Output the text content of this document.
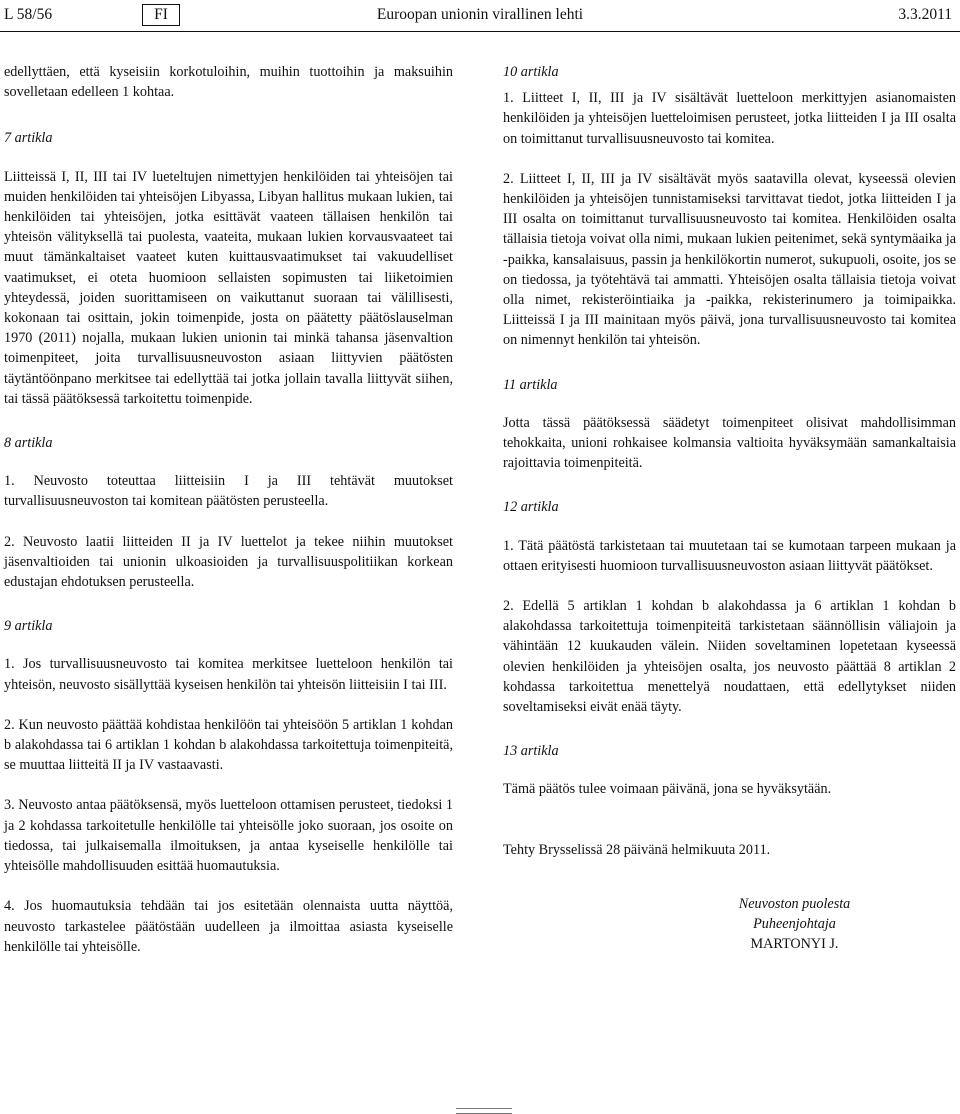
L 58/56	FI	Euroopan unionin virallinen lehti	3.3.2011

edellyttäen, että kyseisiin korkotuloihin, muihin tuottoihin ja maksuihin sovelletaan edelleen 1 kohtaa.

7 artikla

Liitteissä I, II, III tai IV lueteltujen nimettyjen henkilöiden tai yhteisöjen tai muiden henkilöiden tai yhteisöjen Libyassa, Libyan hallitus mukaan lukien, tai henkilöiden tai yhteisöjen, jotka esittävät vaateen tällaisen henkilön tai yhteisön välityksellä tai puolesta, vaateita, mukaan lukien korvausvaateet tai muut tämänkaltaiset vaateet kuten kuittausvaatimukset tai vakuudelliset vaatimukset, ei oteta huomioon sellaisten sopimusten tai liiketoimien yhteydessä, joiden suorittamiseen on vaikuttanut suoraan tai välillisesti, kokonaan tai osittain, jokin toimenpide, josta on päätetty päätöslauselman 1970 (2011) nojalla, mukaan lukien unionin tai minkä tahansa jäsenvaltion toimenpiteet, joita turvallisuusneuvoston asiaan liittyvien päätösten täytäntöönpano merkitsee tai edellyttää tai jotka jollain tavalla liittyvät siihen, tai tässä päätöksessä tarkoitettu toimenpide.

8 artikla

1. Neuvosto toteuttaa liitteisiin I ja III tehtävät muutokset turvallisuusneuvoston tai komitean päätösten perusteella.

2. Neuvosto laatii liitteiden II ja IV luettelot ja tekee niihin muutokset jäsenvaltioiden tai unionin ulkoasioiden ja turvallisuuspolitiikan korkean edustajan ehdotuksen perusteella.

9 artikla

1. Jos turvallisuusneuvosto tai komitea merkitsee luetteloon henkilön tai yhteisön, neuvosto sisällyttää kyseisen henkilön tai yhteisön liitteisiin I tai III.

2. Kun neuvosto päättää kohdistaa henkilöön tai yhteisöön 5 artiklan 1 kohdan b alakohdassa tai 6 artiklan 1 kohdan b alakohdassa tarkoitettuja toimenpiteitä, se muuttaa liitteitä II ja IV vastaavasti.

3. Neuvosto antaa päätöksensä, myös luetteloon ottamisen perusteet, tiedoksi 1 ja 2 kohdassa tarkoitetulle henkilölle tai yhteisölle joko suoraan, jos osoite on tiedossa, tai julkaisemalla ilmoituksen, ja antaa kyseiselle henkilölle tai yhteisölle mahdollisuuden esittää huomautuksia.

4. Jos huomautuksia tehdään tai jos esitetään olennaista uutta näyttöä, neuvosto tarkastelee päätöstään uudelleen ja ilmoittaa asiasta kyseiselle henkilölle tai yhteisölle.

10 artikla

1. Liitteet I, II, III ja IV sisältävät luetteloon merkittyjen asianomaisten henkilöiden ja yhteisöjen luetteloimisen perusteet, jotka liitteiden I ja III osalta on toimittanut turvallisuusneuvosto tai komitea.

2. Liitteet I, II, III ja IV sisältävät myös saatavilla olevat, kyseessä olevien henkilöiden ja yhteisöjen tunnistamiseksi tarvittavat tiedot, jotka liitteiden I ja III osalta on toimittanut turvallisuusneuvosto tai komitea. Henkilöiden osalta tällaisia tietoja voivat olla nimi, mukaan lukien peitenimet, sekä syntymäaika ja -paikka, kansalaisuus, passin ja henkilökortin numerot, sukupuoli, osoite, jos se on tiedossa, ja työtehtävä tai ammatti. Yhteisöjen osalta tällaisia tietoja voivat olla nimet, rekisteröintiaika ja -paikka, rekisterinumero ja toimipaikka. Liitteissä I ja III mainitaan myös päivä, jona turvallisuusneuvosto tai komitea on nimennyt henkilön tai yhteisön.

11 artikla

Jotta tässä päätöksessä säädetyt toimenpiteet olisivat mahdollisimman tehokkaita, unioni rohkaisee kolmansia valtioita hyväksymään samankaltaisia rajoittavia toimenpiteitä.

12 artikla

1. Tätä päätöstä tarkistetaan tai muutetaan tai se kumotaan tarpeen mukaan ja ottaen erityisesti huomioon turvallisuusneuvoston asiaan liittyvät päätökset.

2. Edellä 5 artiklan 1 kohdan b alakohdassa ja 6 artiklan 1 kohdan b alakohdassa tarkoitettuja toimenpiteitä tarkistetaan säännöllisin väliajoin ja vähintään 12 kuukauden välein. Niiden soveltaminen lopetetaan kyseessä olevien henkilöiden ja yhteisöjen osalta, jos neuvosto päättää 8 artiklan 2 kohdassa tarkoitettua menettelyä noudattaen, että edellytykset niiden soveltamiseksi eivät enää täyty.

13 artikla

Tämä päätös tulee voimaan päivänä, jona se hyväksytään.

Tehty Brysselissä 28 päivänä helmikuuta 2011.

Neuvoston puolesta
Puheenjohtaja
MARTONYI J.
